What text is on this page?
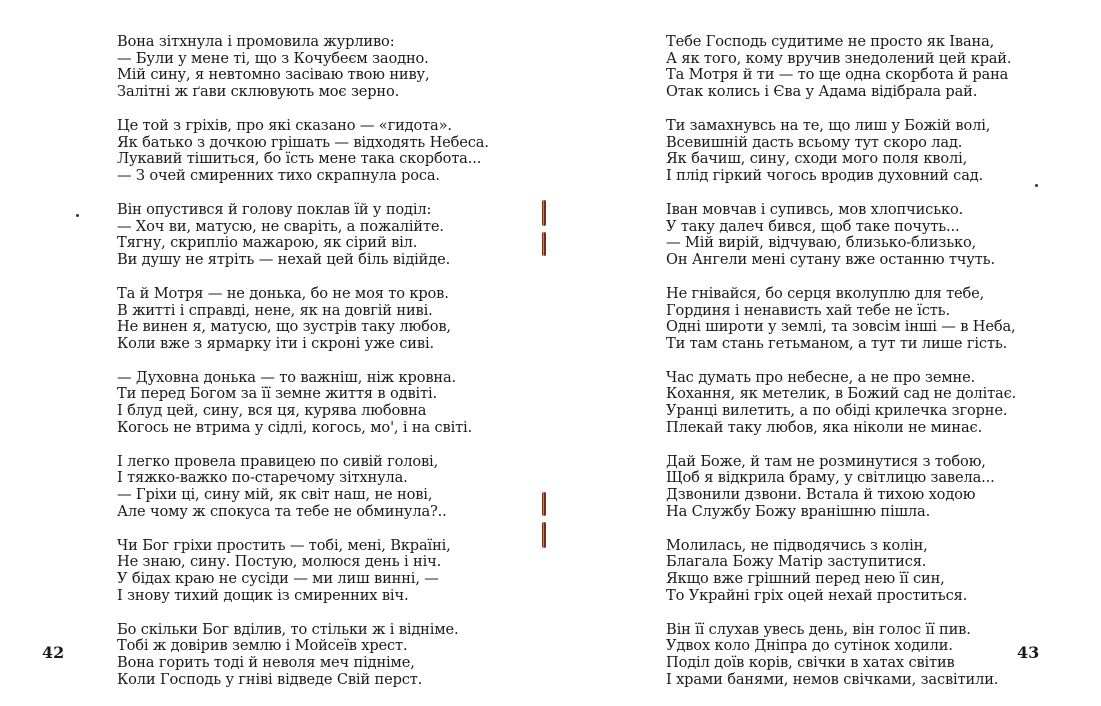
Вона зітхнула і промовила журливо:
— Були у мене ті, що з Кочубеєм заодно.
Мій сину, я невтомно засіваю твою ниву,
Залітні ж ґави склювують моє зерно.
Це той з гріхів, про які сказано — «гидота».
Як батько з дочкою грішать — відходять Небеса.
Лукавий тішиться, бо їсть мене така скорбота...
— З очей смиренних тихо скрапнула роса.
Він опустився й голову поклав їй у поділ:
— Хоч ви, матусю, не сваріть, а пожалійте.
Тягну, скрипліо мажарою, як сірий віл.
Ви душу не ятріть — нехай цей біль відійде.
Та й Мотря — не донька, бо не моя то кров.
В житті і справді, нене, як на довгій ниві.
Не винен я, матусю, що зустрів таку любов,
Коли вже з ярмарку іти і скроні уже сиві.
— Духовна донька — то важніш, ніж кровна.
Ти перед Богом за її земне життя в одвіті.
І блуд цей, сину, вся ця, курява любовна
Когось не втрима у сідлі, когось, мо', і на світі.
І легко провела правицею по сивій голові,
І тяжко-важко по-старечому зітхнула.
— Гріхи ці, сину мій, як світ наш, не нові,
Але чому ж спокуса та тебе не обминула?..
Чи Бог гріхи простить — тобі, мені, Вкраїні,
Не знаю, сину. Постую, молюся день і ніч.
У бідах краю не сусіди — ми лиш винні, —
І знову тихий дощик із смиренних віч.
Бо скільки Бог вділив, то стільки ж і відніме.
Тобі ж довірив землю і Мойсеїв хрест.
Вона горить тоді й неволя меч підніме,
Коли Господь у гніві відведе Свій перст.
42
Тебе Господь судитиме не просто як Івана,
А як того, кому вручив знедолений цей край.
Та Мотря й ти — то ще одна скорбота й рана
Отак колись і Єва у Адама відібрала рай.
Ти замахнувсь на те, що лиш у Божій волі,
Всевишній дасть всьому тут скоро лад.
Як бачиш, сину, сходи мого поля кволі,
І плід гіркий чогось вродив духовний сад.
Іван мовчав і супивсь, мов хлопчисько.
У таку далеч бився, щоб таке почуть...
— Мій вирій, відчуваю, близько-близько,
Он Ангели мені сутану вже останню тчуть.
Не гнівайся, бо серця вколуплю для тебе,
Гординя і ненависть хай тебе не їсть.
Одні широти у землі, та зовсім інші — в Неба,
Ти там стань гетьманом, а тут ти лише гість.
Час думать про небесне, а не про земне.
Кохання, як метелик, в Божий сад не долітає.
Уранці вилетить, а по обіді крилечка згорне.
Плекай таку любов, яка ніколи не минає.
Дай Боже, й там не розминутися з тобою,
Щоб я відкрила браму, у світлицю завела...
Дзвонили дзвони. Встала й тихою ходою
На Службу Божу вранішню пішла.
Молилась, не підводячись з колін,
Благала Божу Матір заступитися.
Якщо вже грішний перед нею її син,
То Украйні гріх оцей нехай проститься.
Він її слухав увесь день, він голос її пив.
Удвох коло Дніпра до сутінок ходили.
Поділ доїв корів, свічки в хатах світив
І храми банями, немов свічками, засвітили.
43
